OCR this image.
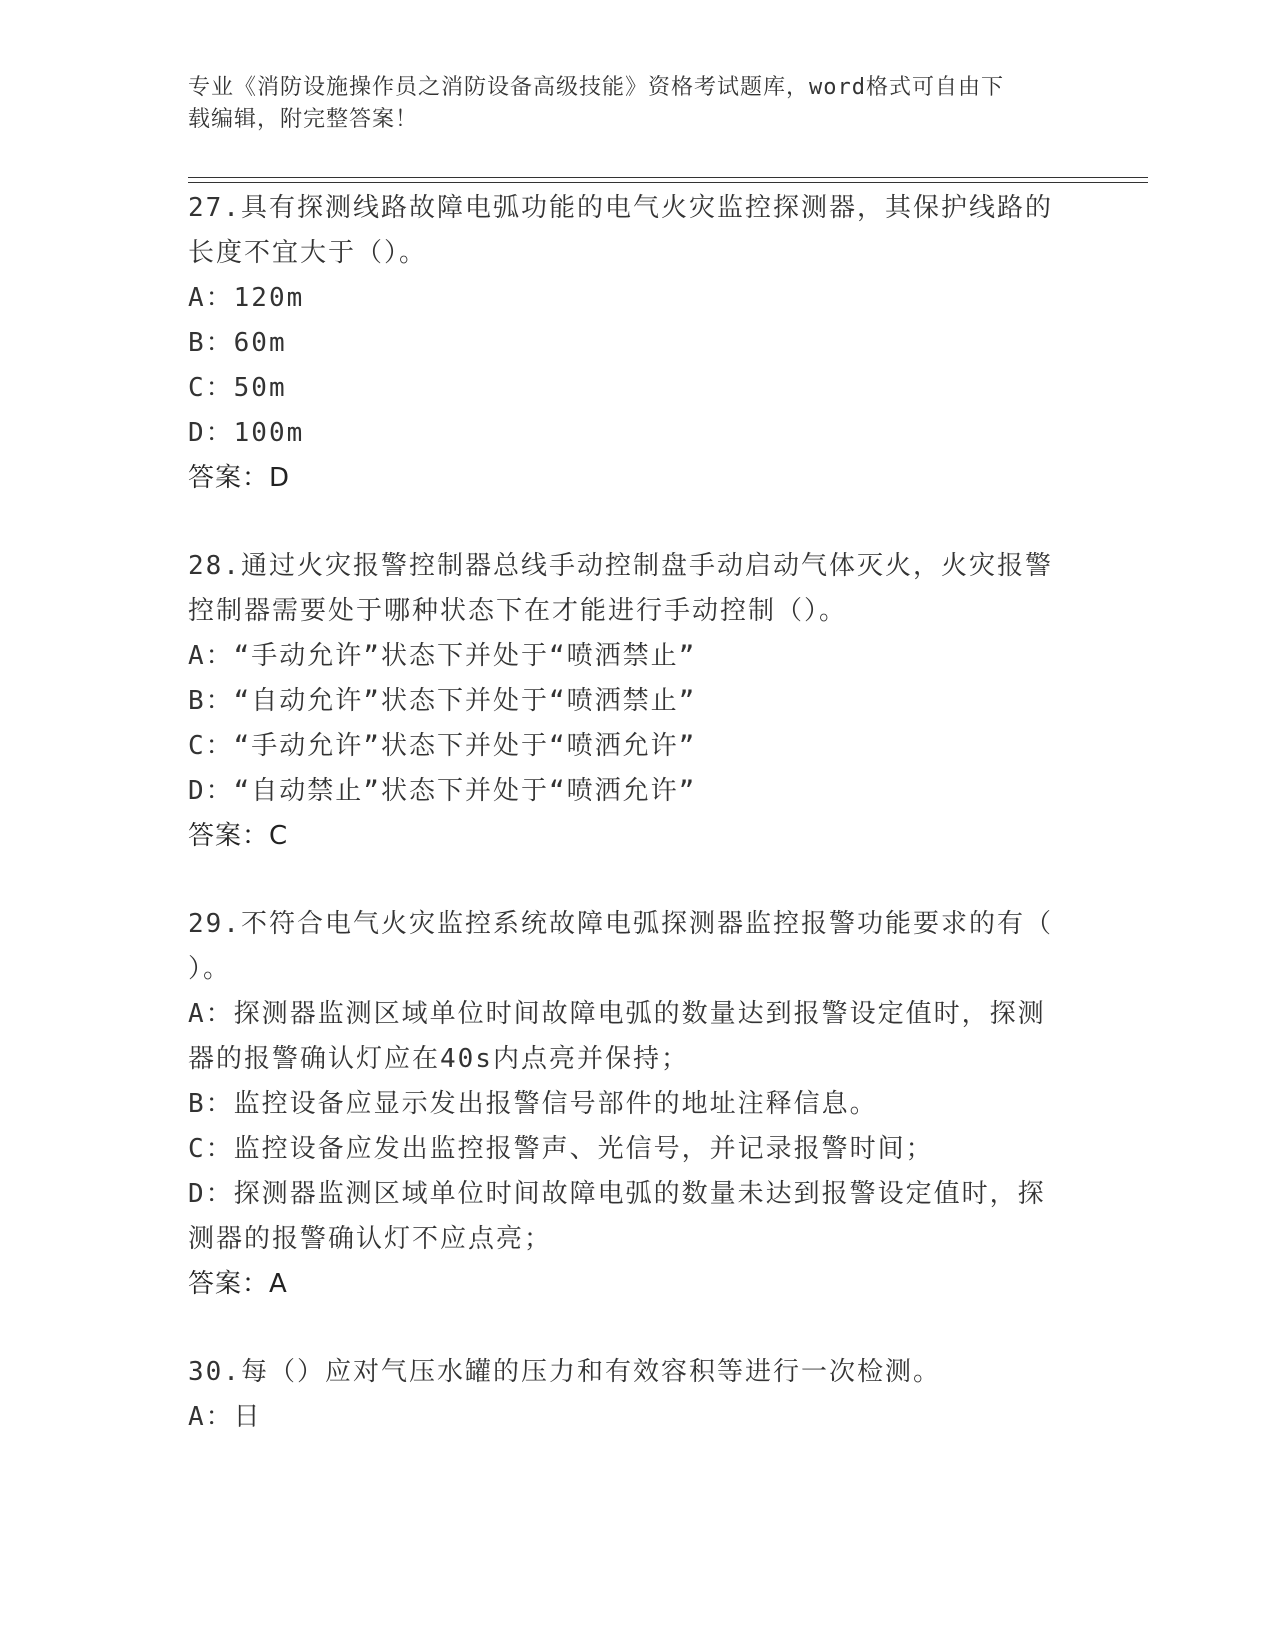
专业《消防设施操作员之消防设备高级技能》资格考试题库，word格式可自由下
载编辑，附完整答案！

27.具有探测线路故障电弧功能的电气火灾监控探测器，其保护线路的

长度不宜大于（）。

A：120m

B：60m

C：50m

D：100m

答案：D

28.通过火灾报警控制器总线手动控制盘手动启动气体灭火，火灾报警

控制器需要处于哪种状态下在才能进行手动控制（）。

A：“手动允许”状态下并处于“喷洒禁止”

B：“自动允许”状态下并处于“喷洒禁止”

C：“手动允许”状态下并处于“喷洒允许”

D：“自动禁止”状态下并处于“喷洒允许”

答案：C

29.不符合电气火灾监控系统故障电弧探测器监控报警功能要求的有（

）。

A：探测器监测区域单位时间故障电弧的数量达到报警设定值时，探测

器的报警确认灯应在40s内点亮并保持；

B：监控设备应显示发出报警信号部件的地址注释信息。

C：监控设备应发出监控报警声、光信号，并记录报警时间；

D：探测器监测区域单位时间故障电弧的数量未达到报警设定值时，探

测器的报警确认灯不应点亮；

答案：A

30.每（）应对气压水罐的压力和有效容积等进行一次检测。

A：日
